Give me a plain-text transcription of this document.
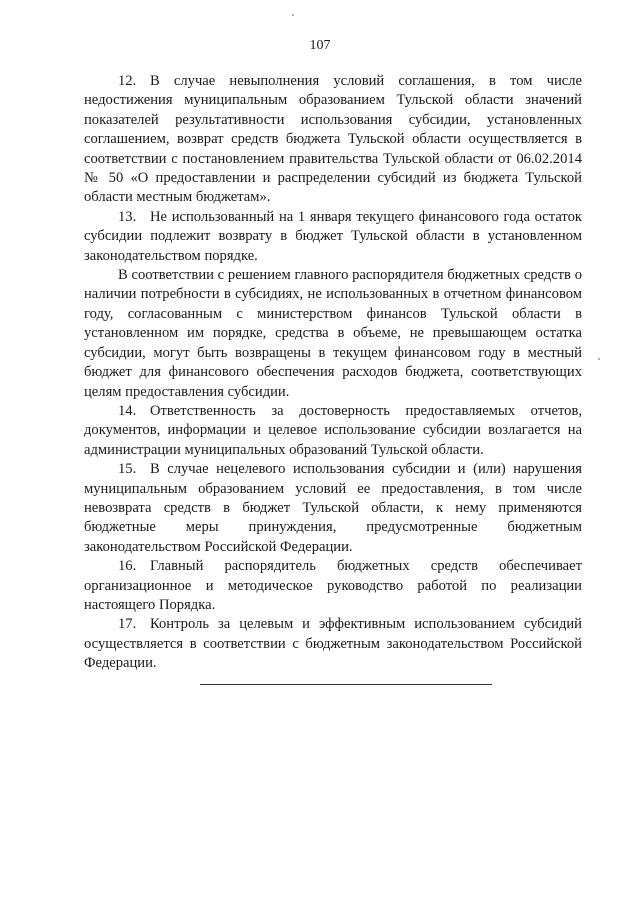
107

12. В случае невыполнения условий соглашения, в том числе недостижения муниципальным образованием Тульской области значений показателей результативности использования субсидии, установленных соглашением, возврат средств бюджета Тульской области осуществляется в соответствии с постановлением правительства Тульской области от 06.02.2014 № 50 «О предоставлении и распределении субсидий из бюджета Тульской области местным бюджетам».

13. Не использованный на 1 января текущего финансового года остаток субсидии подлежит возврату в бюджет Тульской области в установленном законодательством порядке.

В соответствии с решением главного распорядителя бюджетных средств о наличии потребности в субсидиях, не использованных в отчетном финансовом году, согласованным с министерством финансов Тульской области в установленном им порядке, средства в объеме, не превышающем остатка субсидии, могут быть возвращены в текущем финансовом году в местный бюджет для финансового обеспечения расходов бюджета, соответствующих целям предоставления субсидии.

14. Ответственность за достоверность предоставляемых отчетов, документов, информации и целевое использование субсидии возлагается на администрации муниципальных образований Тульской области.

15. В случае нецелевого использования субсидии и (или) нарушения муниципальным образованием условий ее предоставления, в том числе невозврата средств в бюджет Тульской области, к нему применяются бюджетные меры принуждения, предусмотренные бюджетным законодательством Российской Федерации.

16. Главный распорядитель бюджетных средств обеспечивает организационное и методическое руководство работой по реализации настоящего Порядка.

17. Контроль за целевым и эффективным использованием субсидий осуществляется в соответствии с бюджетным законодательством Российской Федерации.
